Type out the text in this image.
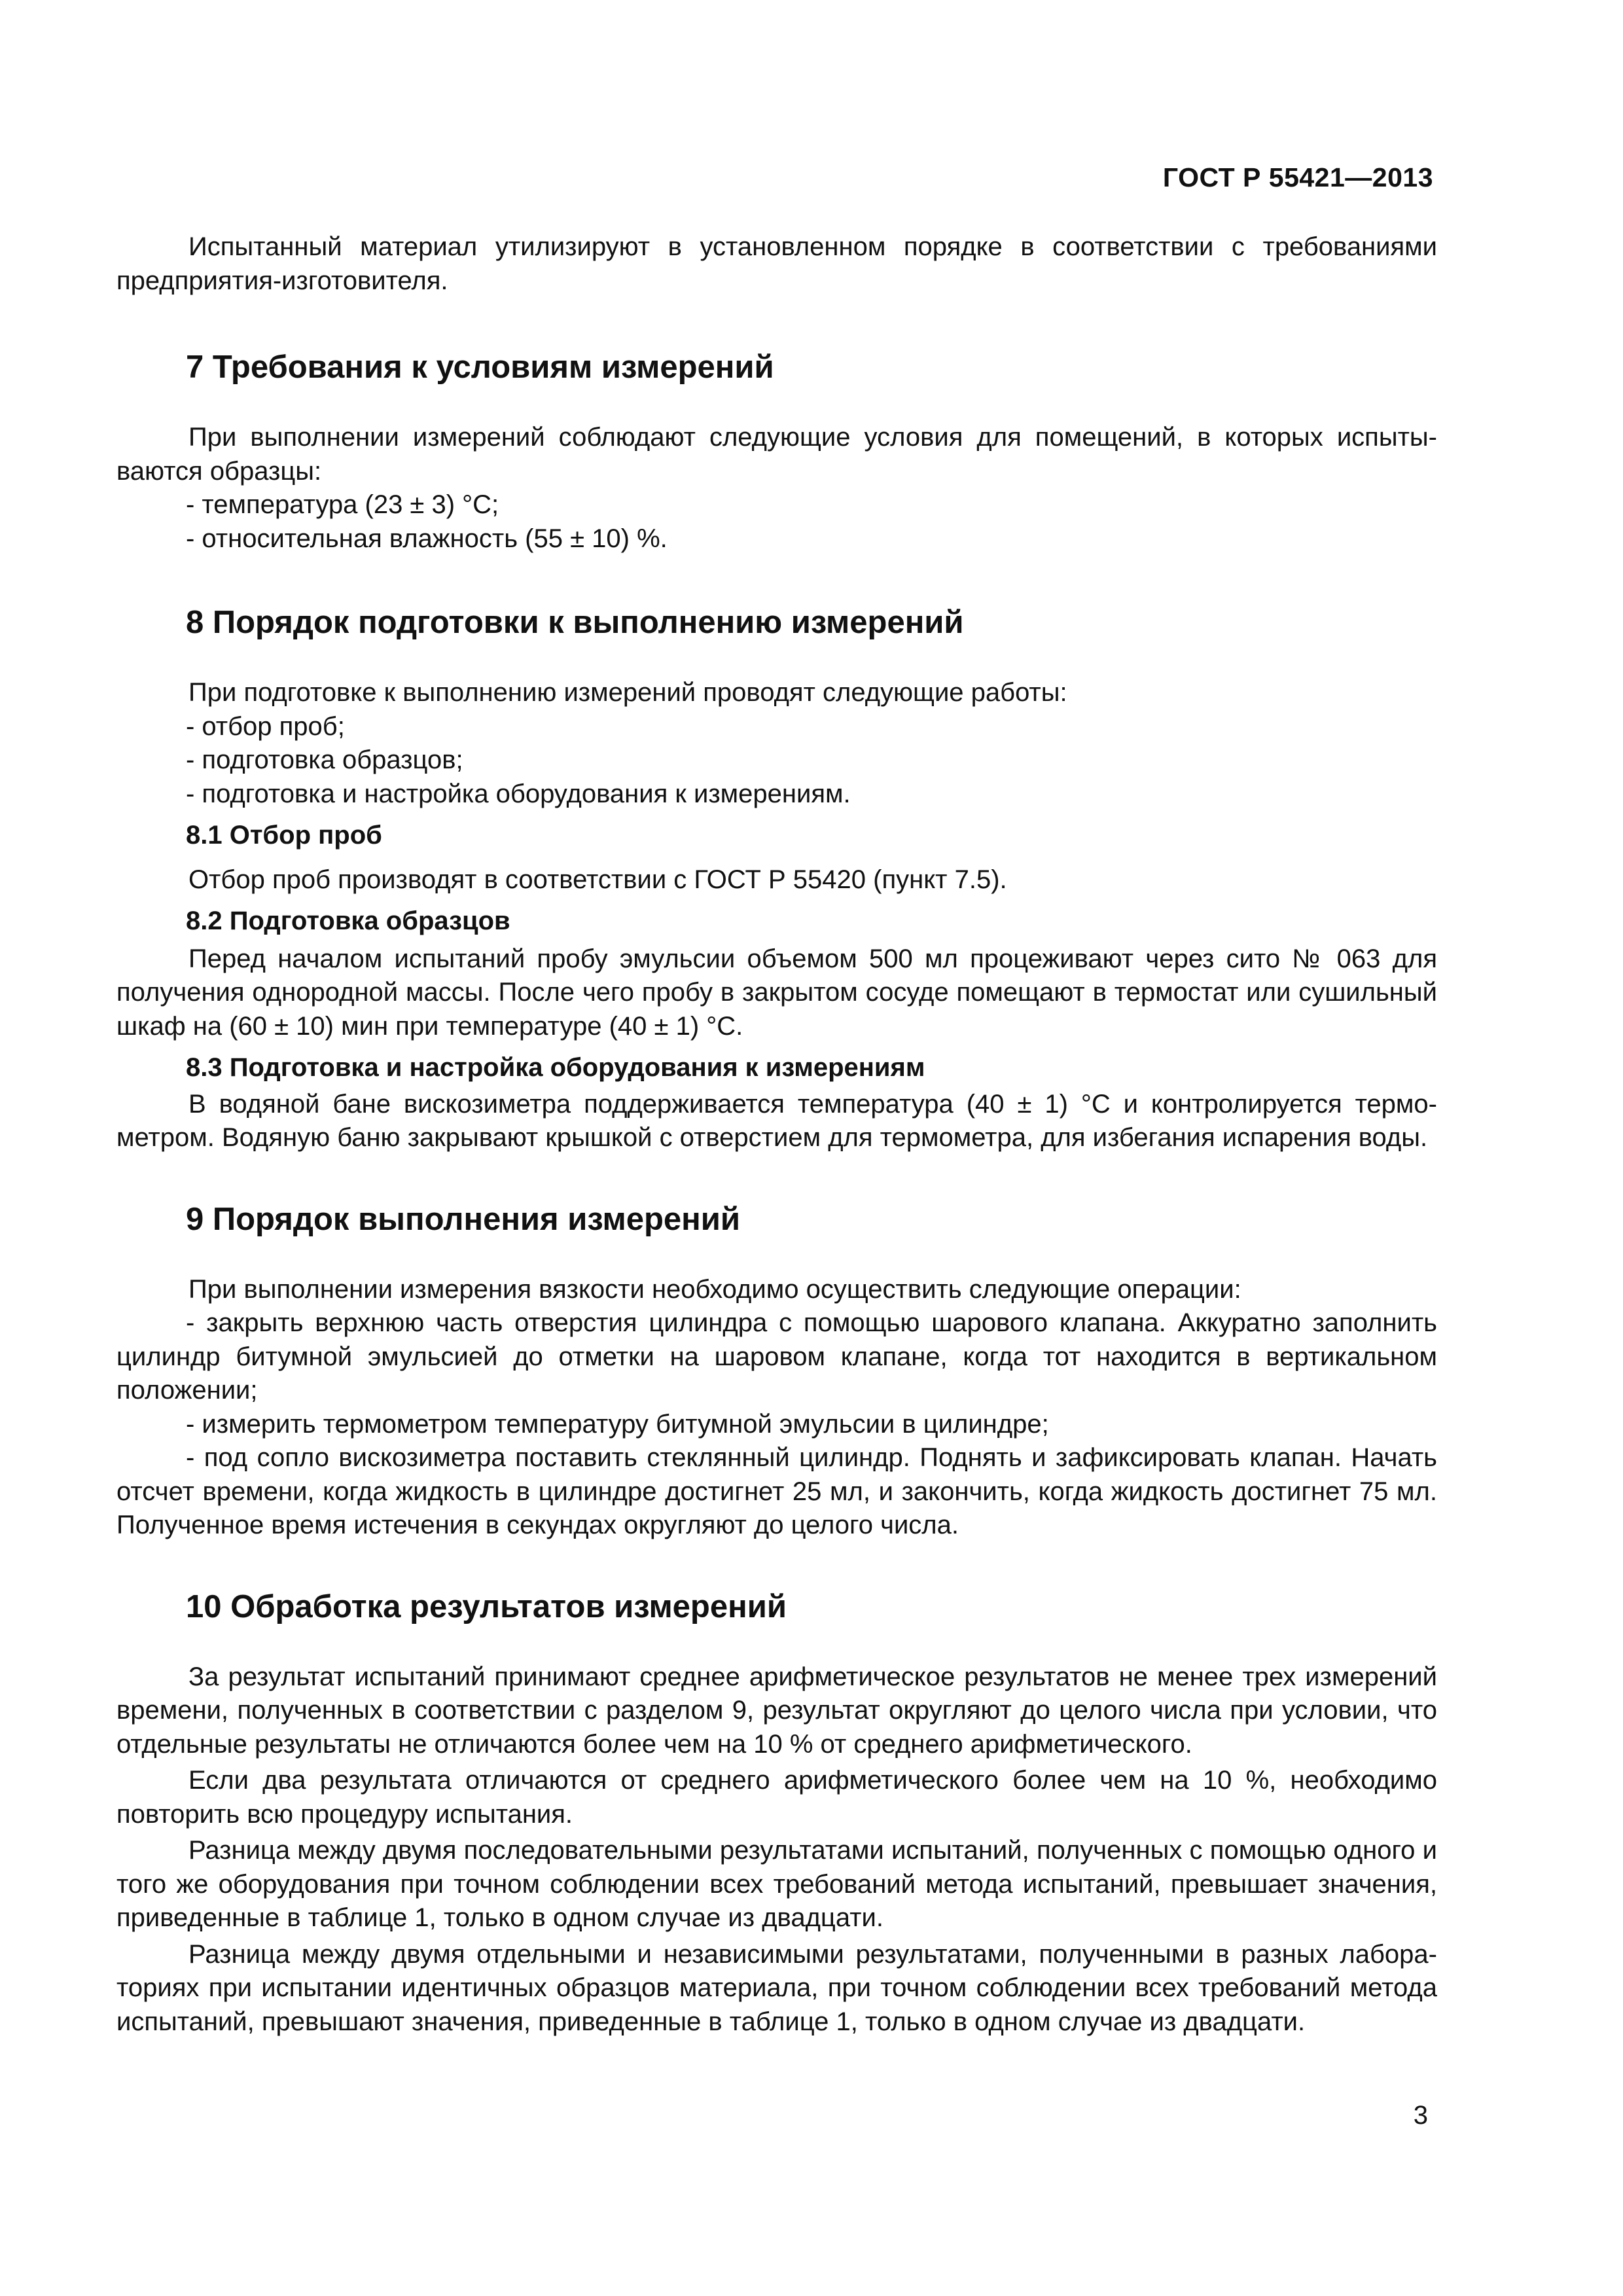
ГОСТ Р 55421—2013

Испытанный материал утилизируют в установленном порядке в соответствии с требованиями предприятия-изготовителя.

7 Требования к условиям измерений

При выполнении измерений соблюдают следующие условия для помещений, в которых испытываются образцы:

- температура (23 ± 3) °С;

- относительная влажность (55 ± 10) %.

8 Порядок подготовки к выполнению измерений

При подготовке к выполнению измерений проводят следующие работы:

- отбор проб;

- подготовка образцов;

- подготовка и настройка оборудования к измерениям.

8.1 Отбор проб

Отбор проб производят в соответствии с ГОСТ Р 55420 (пункт 7.5).

8.2 Подготовка образцов

Перед началом испытаний пробу эмульсии объемом 500 мл процеживают через сито № 063 для получения однородной массы. После чего пробу в закрытом сосуде помещают в термостат или сушильный шкаф на (60 ± 10) мин при температуре (40 ± 1) °С.

8.3 Подготовка и настройка оборудования к измерениям

В водяной бане вискозиметра поддерживается температура (40 ± 1) °С и контролируется термометром. Водяную баню закрывают крышкой с отверстием для термометра, для избегания испарения воды.

9 Порядок выполнения измерений

При выполнении измерения вязкости необходимо осуществить следующие операции:

- закрыть верхнюю часть отверстия цилиндра с помощью шарового клапана. Аккуратно заполнить цилиндр битумной эмульсией до отметки на шаровом клапане, когда тот находится в вертикальном положении;

- измерить термометром температуру битумной эмульсии в цилиндре;

- под сопло вискозиметра поставить стеклянный цилиндр. Поднять и зафиксировать клапан. Начать отсчет времени, когда жидкость в цилиндре достигнет 25 мл, и закончить, когда жидкость достигнет 75 мл. Полученное время истечения в секундах округляют до целого числа.

10 Обработка результатов измерений

За результат испытаний принимают среднее арифметическое результатов не менее трех измерений времени, полученных в соответствии с разделом 9, результат округляют до целого числа при условии, что отдельные результаты не отличаются более чем на 10 % от среднего арифметического.

Если два результата отличаются от среднего арифметического более чем на 10 %, необходимо повторить всю процедуру испытания.

Разница между двумя последовательными результатами испытаний, полученных с помощью одного и того же оборудования при точном соблюдении всех требований метода испытаний, превышает значения, приведенные в таблице 1, только в одном случае из двадцати.

Разница между двумя отдельными и независимыми результатами, полученными в разных лабораториях при испытании идентичных образцов материала, при точном соблюдении всех требований метода испытаний, превышают значения, приведенные в таблице 1, только в одном случае из двадцати.

3
